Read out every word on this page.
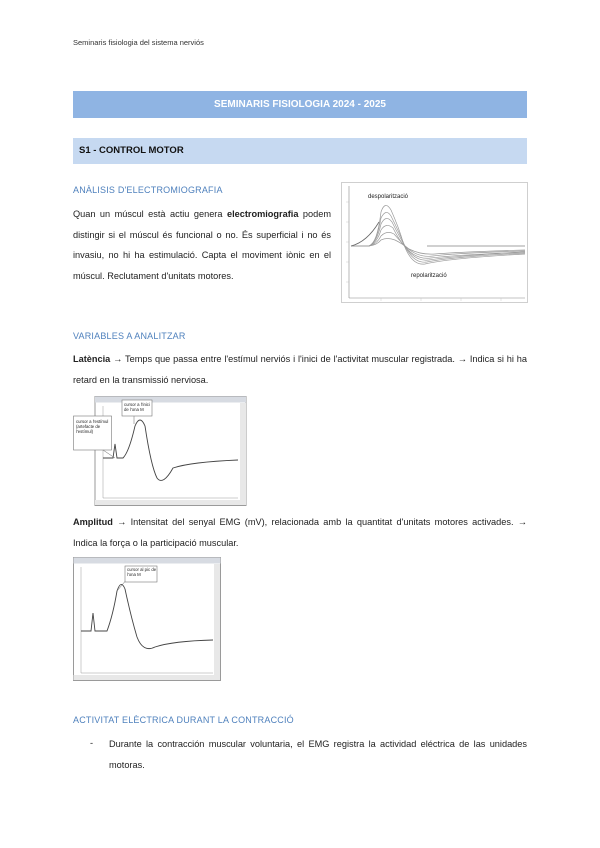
Seminaris fisiologia del sistema nerviós
SEMINARIS FISIOLOGIA 2024 - 2025
S1 - CONTROL MOTOR
ANÀLISIS D'ELECTROMIOGRAFIA
Quan un múscul està actiu genera electromiografia podem distingir si el múscul és funcional o no. És superficial i no és invasiu, no hi ha estimulació. Capta el moviment iònic en el múscul. Reclutament d'unitats motores.
despolarització
repolarització
VARIABLES A ANALITZAR
Latència → Temps que passa entre l'estímul nerviós i l'inici de l'activitat muscular registrada. → Indica si hi ha retard en la transmissió nerviosa.
cursor a l'inici de l'ona M
cursor a l'estímul (artefacte de l'estímul)
Amplitud → Intensitat del senyal EMG (mV), relacionada amb la quantitat d'unitats motores activades. → Indica la força o la participació muscular.
cursor al pic de l'ona M
ACTIVITAT ELÈCTRICA DURANT LA CONTRACCIÓ
- Durante la contracción muscular voluntaria, el EMG registra la actividad eléctrica de las unidades motoras.
